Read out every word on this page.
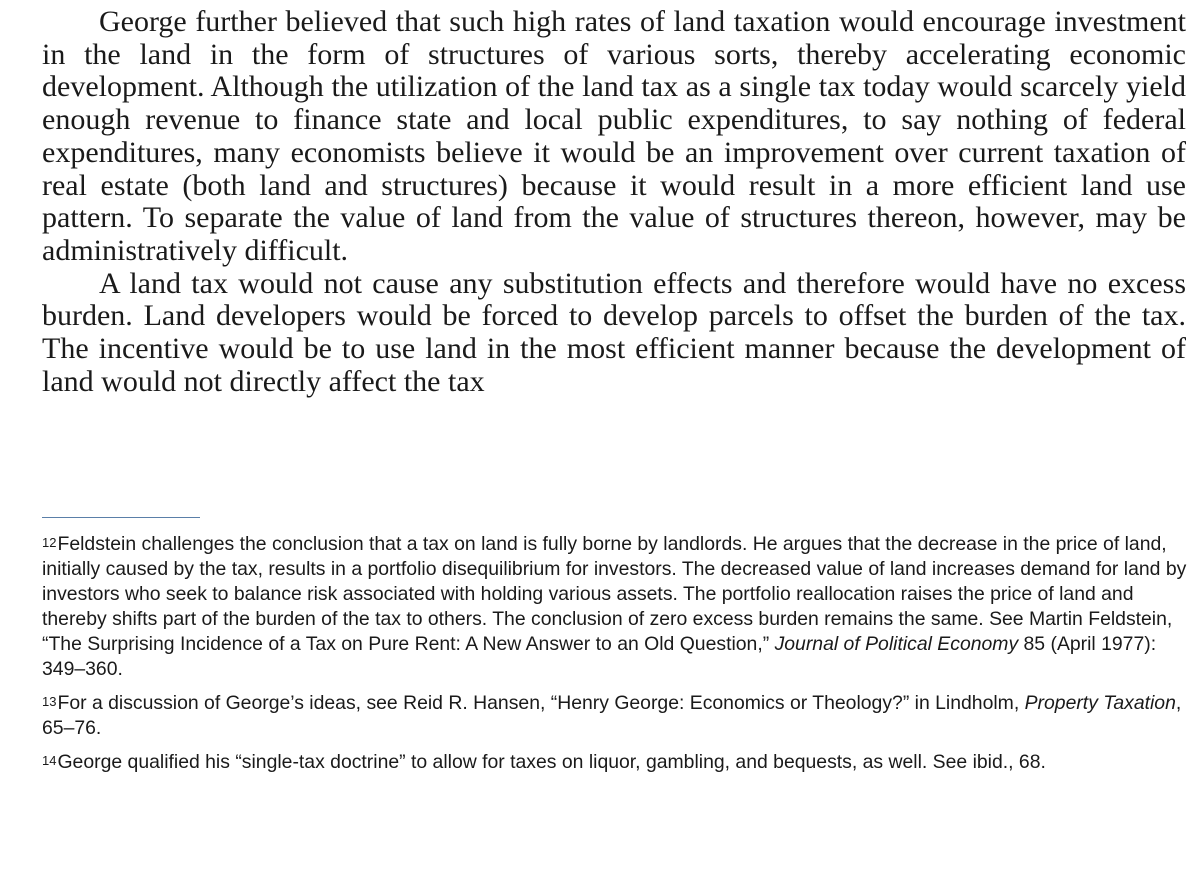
George further believed that such high rates of land taxation would encourage investment in the land in the form of structures of various sorts, thereby accelerating economic development. Although the utilization of the land tax as a single tax today would scarcely yield enough revenue to finance state and local public expenditures, to say nothing of federal expenditures, many economists believe it would be an improvement over current taxation of real estate (both land and structures) because it would result in a more efficient land use pattern. To separate the value of land from the value of structures thereon, however, may be administratively difficult.

A land tax would not cause any substitution effects and therefore would have no excess burden. Land developers would be forced to develop parcels to offset the burden of the tax. The incentive would be to use land in the most efficient manner because the development of land would not directly affect the tax

$^{12}$Feldstein challenges the conclusion that a tax on land is fully borne by landlords. He argues that the decrease in the price of land, initially caused by the tax, results in a portfolio disequilibrium for investors. The decreased value of land increases demand for land by investors who seek to balance risk associated with holding various assets. The portfolio reallocation raises the price of land and thereby shifts part of the burden of the tax to others. The conclusion of zero excess burden remains the same. See Martin Feldstein, “The Surprising Incidence of a Tax on Pure Rent: A New Answer to an Old Question,” Journal of Political Economy 85 (April 1977): 349–360.

$^{13}$For a discussion of George’s ideas, see Reid R. Hansen, “Henry George: Economics or Theology?” in Lindholm, Property Taxation, 65–76.

$^{14}$George qualified his “single-tax doctrine” to allow for taxes on liquor, gambling, and bequests, as well. See ibid., 68.
